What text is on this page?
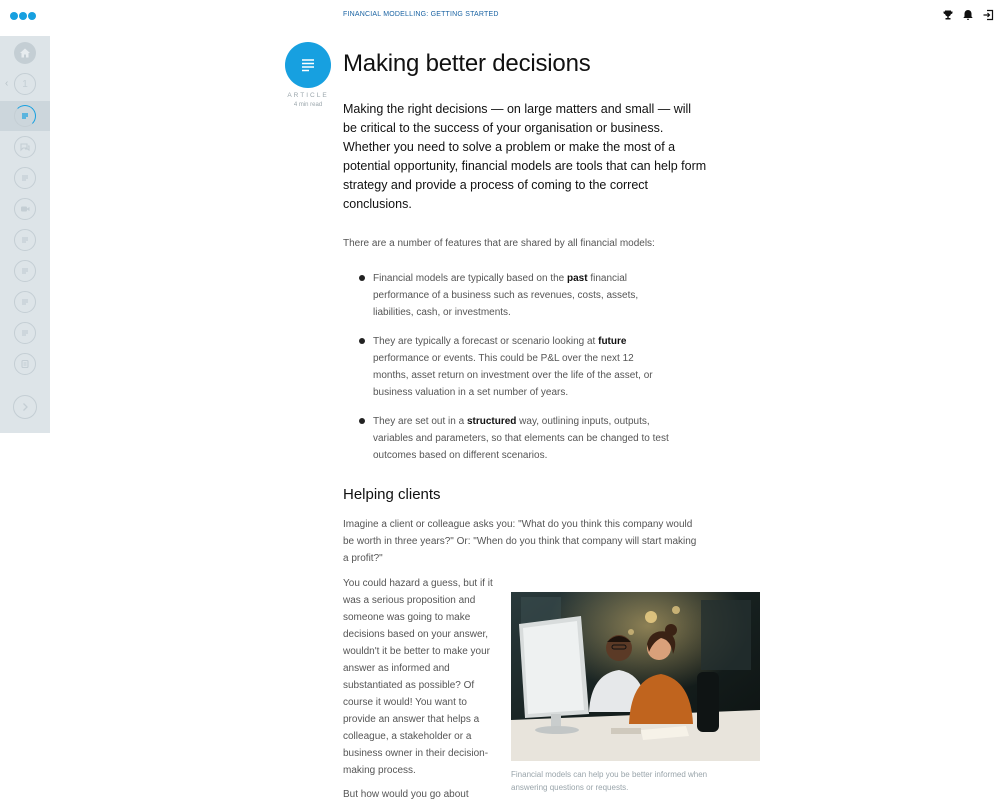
‹ 1
FINANCIAL MODELLING: GETTING STARTED
ARTICLE
4 min read
Making better decisions

Making the right decisions — on large matters and small — will be critical to the success of your organisation or business. Whether you need to solve a problem or make the most of a potential opportunity, financial models are tools that can help form strategy and provide a process of coming to the correct conclusions.

There are a number of features that are shared by all financial models:

Financial models are typically based on the past financial performance of a business such as revenues, costs, assets, liabilities, cash, or investments.
They are typically a forecast or scenario looking at future performance or events. This could be P&L over the next 12 months, asset return on investment over the life of the asset, or business valuation in a set number of years.
They are set out in a structured way, outlining inputs, outputs, variables and parameters, so that elements can be changed to test outcomes based on different scenarios.
Helping clients

Imagine a client or colleague asks you: "What do you think this company would be worth in three years?" Or: "When do you think that company will start making a profit?"

You could hazard a guess, but if it was a serious proposition and someone was going to make decisions based on your answer, wouldn't it be better to make your answer as informed and substantiated as possible? Of course it would! You want to provide an answer that helps a colleague, a stakeholder or a business owner in their decision-making process.	Financial models can help you be better informed when answering questions or requests.

But how would you go about
